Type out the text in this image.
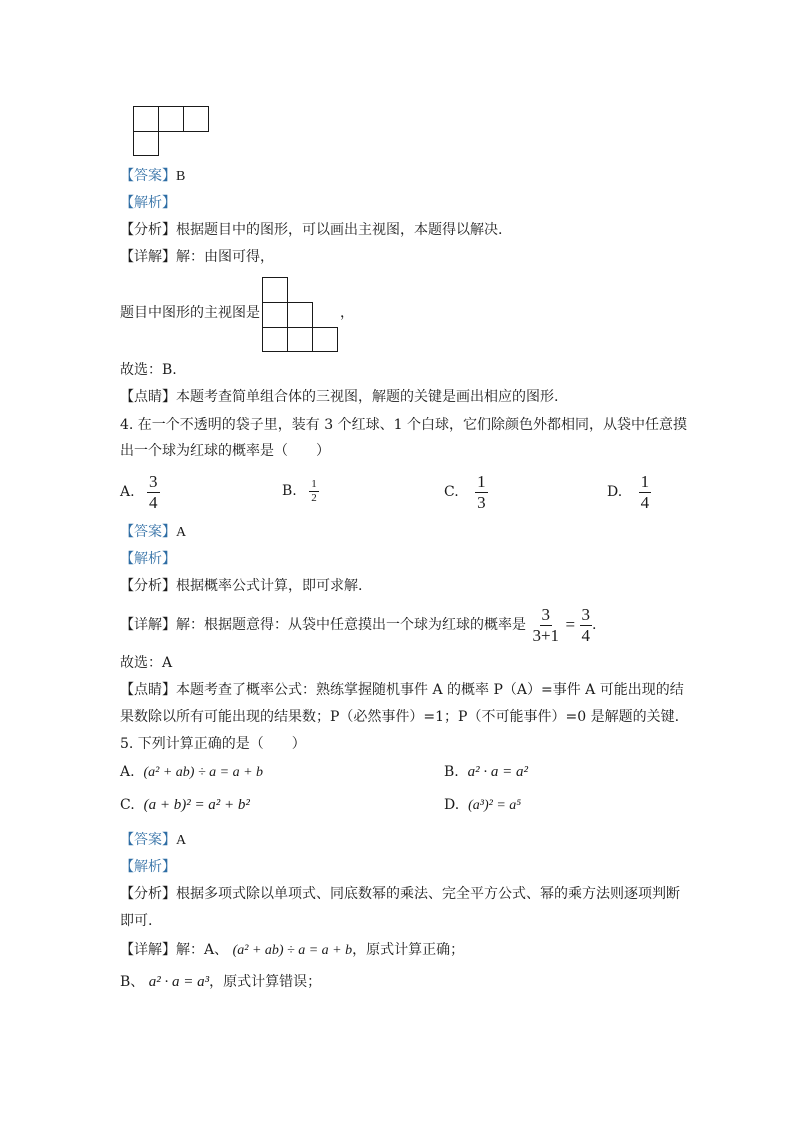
【答案】B
【解析】
【分析】根据题目中的图形，可以画出主视图，本题得以解决.
【详解】解：由图可得，
题目中图形的主视图是	，
故选：B.
【点睛】本题考查简单组合体的三视图，解题的关键是画出相应的图形.
4. 在一个不透明的袋子里，装有 3 个红球、1 个白球，它们除颜色外都相同，从袋中任意摸
出一个球为红球的概率是（　　）
A. $\frac{3}{4}$	B. $\frac{1}{2}$	C. $\frac{1}{3}$	D. $\frac{1}{4}$
【答案】A
【解析】
【分析】根据概率公式计算，即可求解.
【详解】解：根据题意得：从袋中任意摸出一个球为红球的概率是 $\frac{3}{3+1} = \frac{3}{4}$ .
故选：A
【点睛】本题考查了概率公式：熟练掌握随机事件 A 的概率 P（A）=事件 A 可能出现的结
果数除以所有可能出现的结果数；P（必然事件）=1；P（不可能事件）=0 是解题的关键.
5. 下列计算正确的是（　　）
A. (a² + ab) ÷ a = a + b	B. a² · a = a²
C. (a + b)² = a² + b²	D. (a³)² = a⁵
【答案】A
【解析】
【分析】根据多项式除以单项式、同底数幂的乘法、完全平方公式、幂的乘方法则逐项判断
即可.
【详解】解：A、 (a² + ab) ÷ a = a + b，原式计算正确；
B、 a² · a = a³，原式计算错误；
